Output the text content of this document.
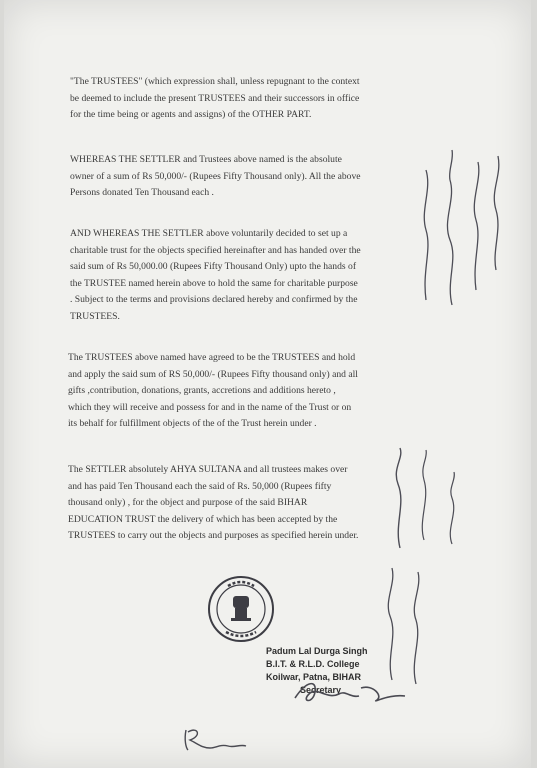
"The TRUSTEES" (which expression shall, unless repugnant to the context
be deemed to include the present TRUSTEES and their successors in office
for the time being or agents and assigns) of the OTHER PART.
WHEREAS THE SETTLER and Trustees above named is the absolute
owner of a sum of Rs 50,000/- (Rupees Fifty Thousand only). All the above
Persons donated Ten Thousand each .
AND WHEREAS THE SETTLER above voluntarily decided to set up a
charitable trust for the objects specified hereinafter and has handed over the
said sum of Rs 50,000.00 (Rupees Fifty Thousand Only) upto the hands of
the TRUSTEE named herein above to hold the same for charitable purpose
. Subject to the terms and provisions declared hereby and confirmed by the
TRUSTEES.
The TRUSTEES above named have agreed to be the TRUSTEES and hold
and apply the said sum of RS 50,000/- (Rupees Fifty thousand only) and all
gifts ,contribution, donations, grants, accretions and additions hereto ,
which they will receive and possess for and in the name of the Trust or on
its behalf for fulfillment objects of the of the Trust herein under .
The SETTLER absolutely AHYA SULTANA and all trustees makes over
and has paid Ten Thousand each the said of Rs. 50,000 (Rupees fifty
thousand only) , for the object and purpose of the said BIHAR
EDUCATION TRUST the delivery of which has been accepted by the
TRUSTEES to carry out the objects and purposes as specified herein under.
Padum Lal Durga Singh
B.I.T. & R.L.D. College
Koilwar, Patna, BIHAR
Secretary
